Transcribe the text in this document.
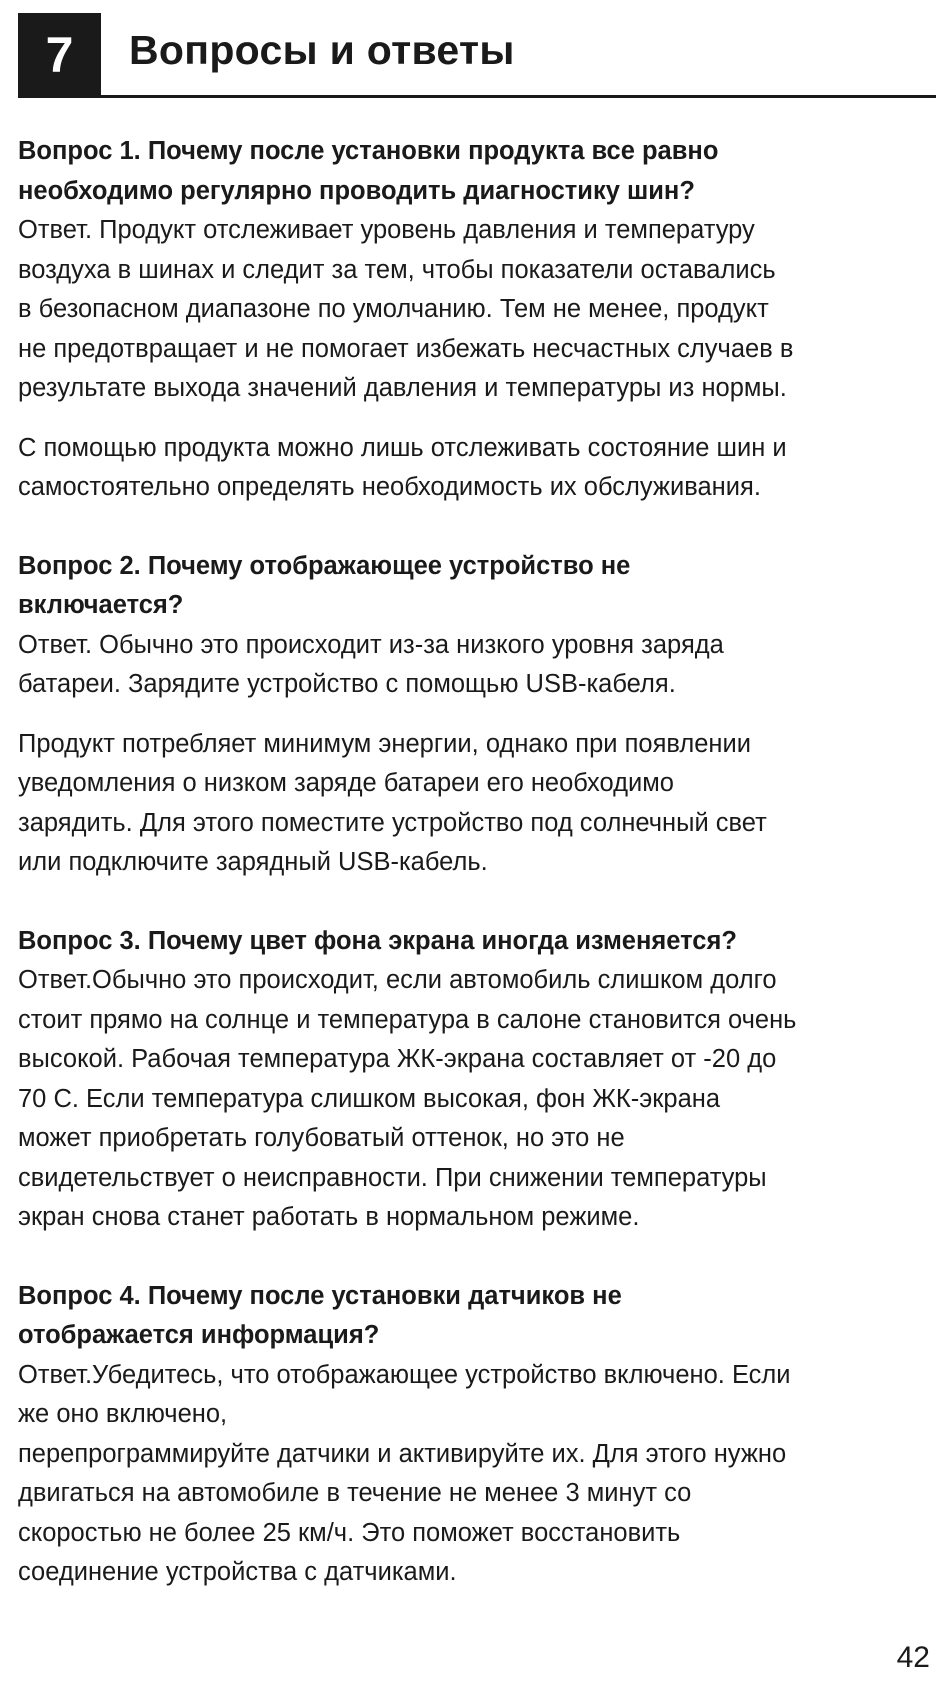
7	Вопросы и ответы

Вопрос 1. Почему после установки продукта все равно
необходимо регулярно проводить диагностику шин?

Ответ. Продукт отслеживает уровень давления и температуру
воздуха в шинах и следит за тем, чтобы показатели оставались
в безопасном диапазоне по умолчанию. Тем не менее, продукт
не предотвращает и не помогает избежать несчастных случаев в
результате выхода значений давления и температуры из нормы.

С помощью продукта можно лишь отслеживать состояние шин и
самостоятельно определять необходимость их обслуживания.

Вопрос 2. Почему отображающее устройство не
включается?

Ответ. Обычно это происходит из-за низкого уровня заряда
батареи. Зарядите устройство с помощью USB-кабеля.

Продукт потребляет минимум энергии, однако при появлении
уведомления о низком заряде батареи его необходимо
зарядить. Для этого поместите устройство под солнечный свет
или подключите зарядный USB-кабель.

Вопрос 3. Почему цвет фона экрана иногда изменяется?

Ответ.Обычно это происходит, если автомобиль слишком долго
стоит прямо на солнце и температура в салоне становится очень
высокой. Рабочая температура ЖК-экрана составляет от -20 до
70 С. Если температура слишком высокая, фон ЖК-экрана
может приобретать голубоватый оттенок, но это не
свидетельствует о неисправности. При снижении температуры
экран снова станет работать в нормальном режиме.

Вопрос 4. Почему после установки датчиков не
отображается информация?

Ответ.Убедитесь, что отображающее устройство включено. Если
же оно включено,
перепрограммируйте датчики и активируйте их. Для этого нужно
двигаться на автомобиле в течение не менее 3 минут со
скоростью не более 25 км/ч. Это поможет восстановить
соединение устройства с датчиками.

42
